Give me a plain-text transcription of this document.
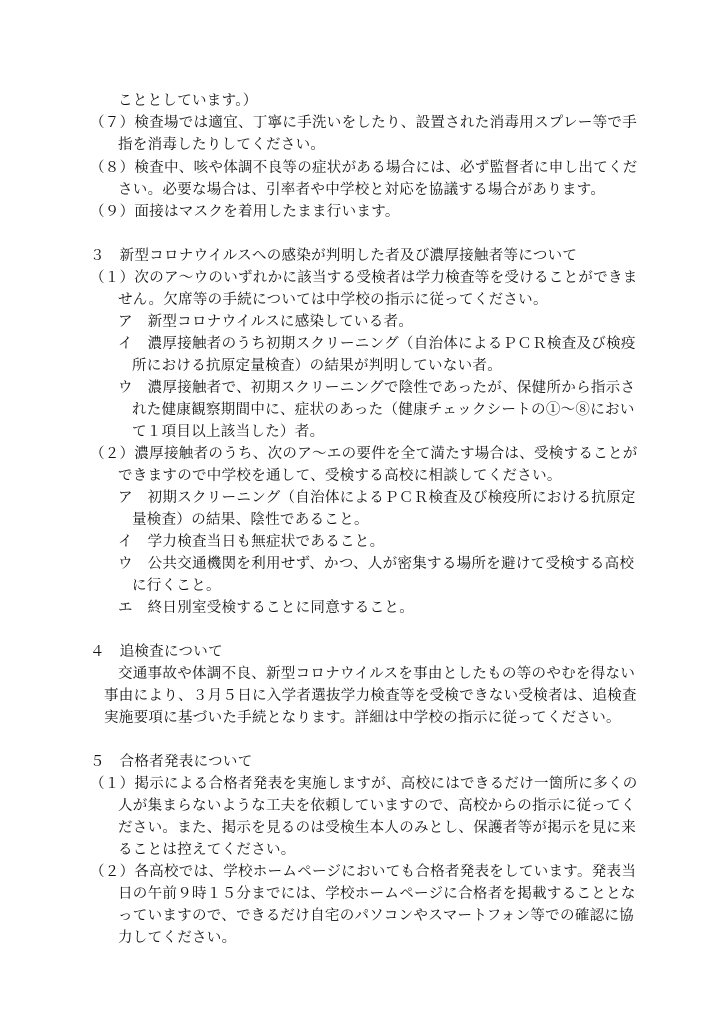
こととしています。）
（７）検査場では適宜、丁寧に手洗いをしたり、設置された消毒用スプレー等で手
指を消毒したりしてください。
（８）検査中、咳や体調不良等の症状がある場合には、必ず監督者に申し出てくだ
さい。必要な場合は、引率者や中学校と対応を協議する場合があります。
（９）面接はマスクを着用したまま行います。
３　新型コロナウイルスへの感染が判明した者及び濃厚接触者等について
（１）次のア～ウのいずれかに該当する受検者は学力検査等を受けることができま
せん。欠席等の手続については中学校の指示に従ってください。
ア　新型コロナウイルスに感染している者。
イ　濃厚接触者のうち初期スクリーニング（自治体によるＰＣＲ検査及び検疫
所における抗原定量検査）の結果が判明していない者。
ウ　濃厚接触者で、初期スクリーニングで陰性であったが、保健所から指示さ
れた健康観察期間中に、症状のあった（健康チェックシートの①～⑧におい
て１項目以上該当した）者。
（２）濃厚接触者のうち、次のア～エの要件を全て満たす場合は、受検することが
できますので中学校を通して、受検する高校に相談してください。
ア　初期スクリーニング（自治体によるＰＣＲ検査及び検疫所における抗原定
量検査）の結果、陰性であること。
イ　学力検査当日も無症状であること。
ウ　公共交通機関を利用せず、かつ、人が密集する場所を避けて受検する高校
に行くこと。
エ　終日別室受検することに同意すること。
４　追検査について
交通事故や体調不良、新型コロナウイルスを事由としたもの等のやむを得ない
事由により、３月５日に入学者選抜学力検査等を受検できない受検者は、追検査
実施要項に基づいた手続となります。詳細は中学校の指示に従ってください。
５　合格者発表について
（１）掲示による合格者発表を実施しますが、高校にはできるだけ一箇所に多くの
人が集まらないような工夫を依頼していますので、高校からの指示に従ってく
ださい。また、掲示を見るのは受検生本人のみとし、保護者等が掲示を見に来
ることは控えてください。
（２）各高校では、学校ホームページにおいても合格者発表をしています。発表当
日の午前９時１５分までには、学校ホームページに合格者を掲載することとな
っていますので、できるだけ自宅のパソコンやスマートフォン等での確認に協
力してください。
